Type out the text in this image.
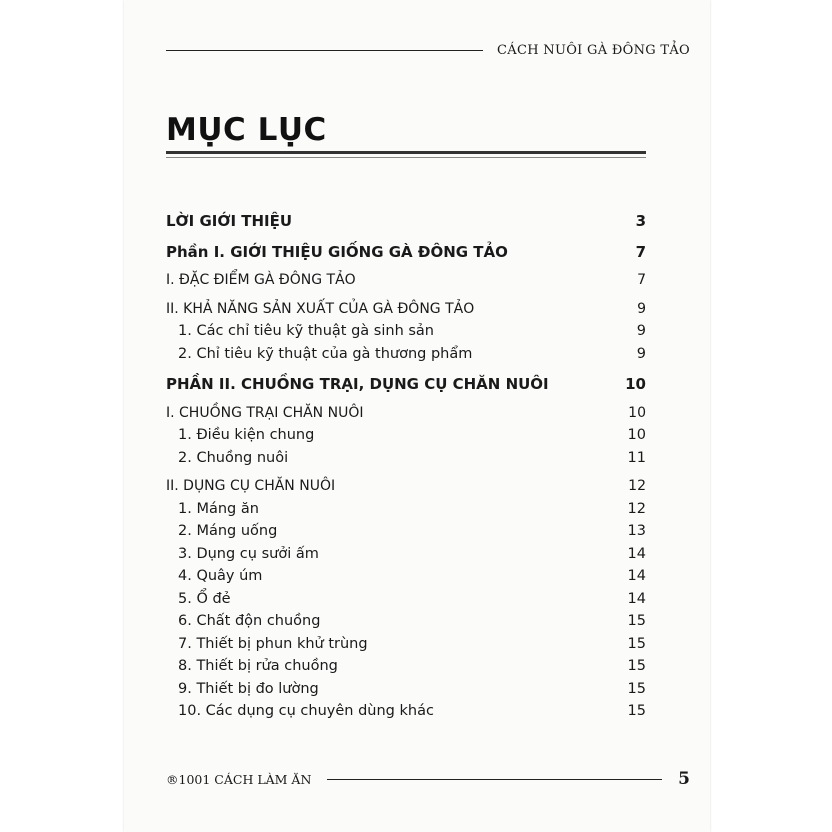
CÁCH NUÔI GÀ ĐÔNG TẢO
MỤC LỤC
LỜI GIỚI THIỆU	3
Phần I. GIỚI THIỆU GIỐNG GÀ ĐÔNG TẢO	7
I. ĐẶC ĐIỂM GÀ ĐÔNG TẢO	7
II. KHẢ NĂNG SẢN XUẤT CỦA GÀ ĐÔNG TẢO	9
1. Các chỉ tiêu kỹ thuật gà sinh sản	9
2. Chỉ tiêu kỹ thuật của gà thương phẩm	9
PHẦN II. CHUỒNG TRẠI, DỤNG CỤ CHĂN NUÔI	10
I. CHUỒNG TRẠI CHĂN NUÔI	10
1. Điều kiện chung	10
2. Chuồng nuôi	11
II. DỤNG CỤ CHĂN NUÔI	12
1. Máng ăn	12
2. Máng uống	13
3. Dụng cụ sưởi ấm	14
4. Quây úm	14
5. Ổ đẻ	14
6. Chất độn chuồng	15
7. Thiết bị phun khử trùng	15
8. Thiết bị rửa chuồng	15
9. Thiết bị đo lường	15
10. Các dụng cụ chuyên dùng khác	15
®1001 CÁCH LÀM ĂN	5
